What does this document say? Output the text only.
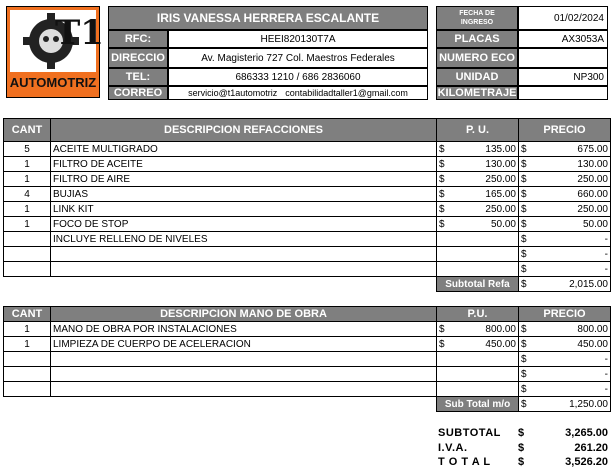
T1
AUTOMOTRIZ
IRIS VANESSA HERRERA ESCALANTE
RFC:	HEEI820130T7A
DIRECCIO	Av. Magisterio 727 Col. Maestros Federales
TEL:	686333 1210 / 686 2836060
CORREO	servicio@t1automotriz contabilidadtaller1@gmail.com
FECHA DE INGRESO	01/02/2024
PLACAS	AX3053A
NUMERO ECO
UNIDAD	NP300
KILOMETRAJE
CANT	DESCRIPCION REFACCIONES	P. U.	PRECIO
5	ACEITE MULTIGRADO	$ 135.00	$ 675.00

1	FILTRO DE ACEITE	$ 130.00	$ 130.00

1	FILTRO DE AIRE	$ 250.00	$ 250.00

4	BUJIAS	$ 165.00	$ 660.00

1	LINK KIT	$ 250.00	$ 250.00

1	FOCO DE STOP	$ 50.00	$ 50.00

	INCLUYE RELLENO DE NIVELES		$ -

			$ -

			$ -

		Subtotal Refa	$ 2,015.00
CANT	DESCRIPCION MANO DE OBRA	P.U.	PRECIO
1	MANO DE OBRA POR INSTALACIONES	$ 800.00	$ 800.00

1	LIMPIEZA DE CUERPO DE ACELERACION	$ 450.00	$ 450.00

			$ -

			$ -

			$ -

		Sub Total m/o	$ 1,250.00
SUBTOTAL	$	3,265.00
I.V.A.	$	261.20
T O T A L	$	3,526.20
